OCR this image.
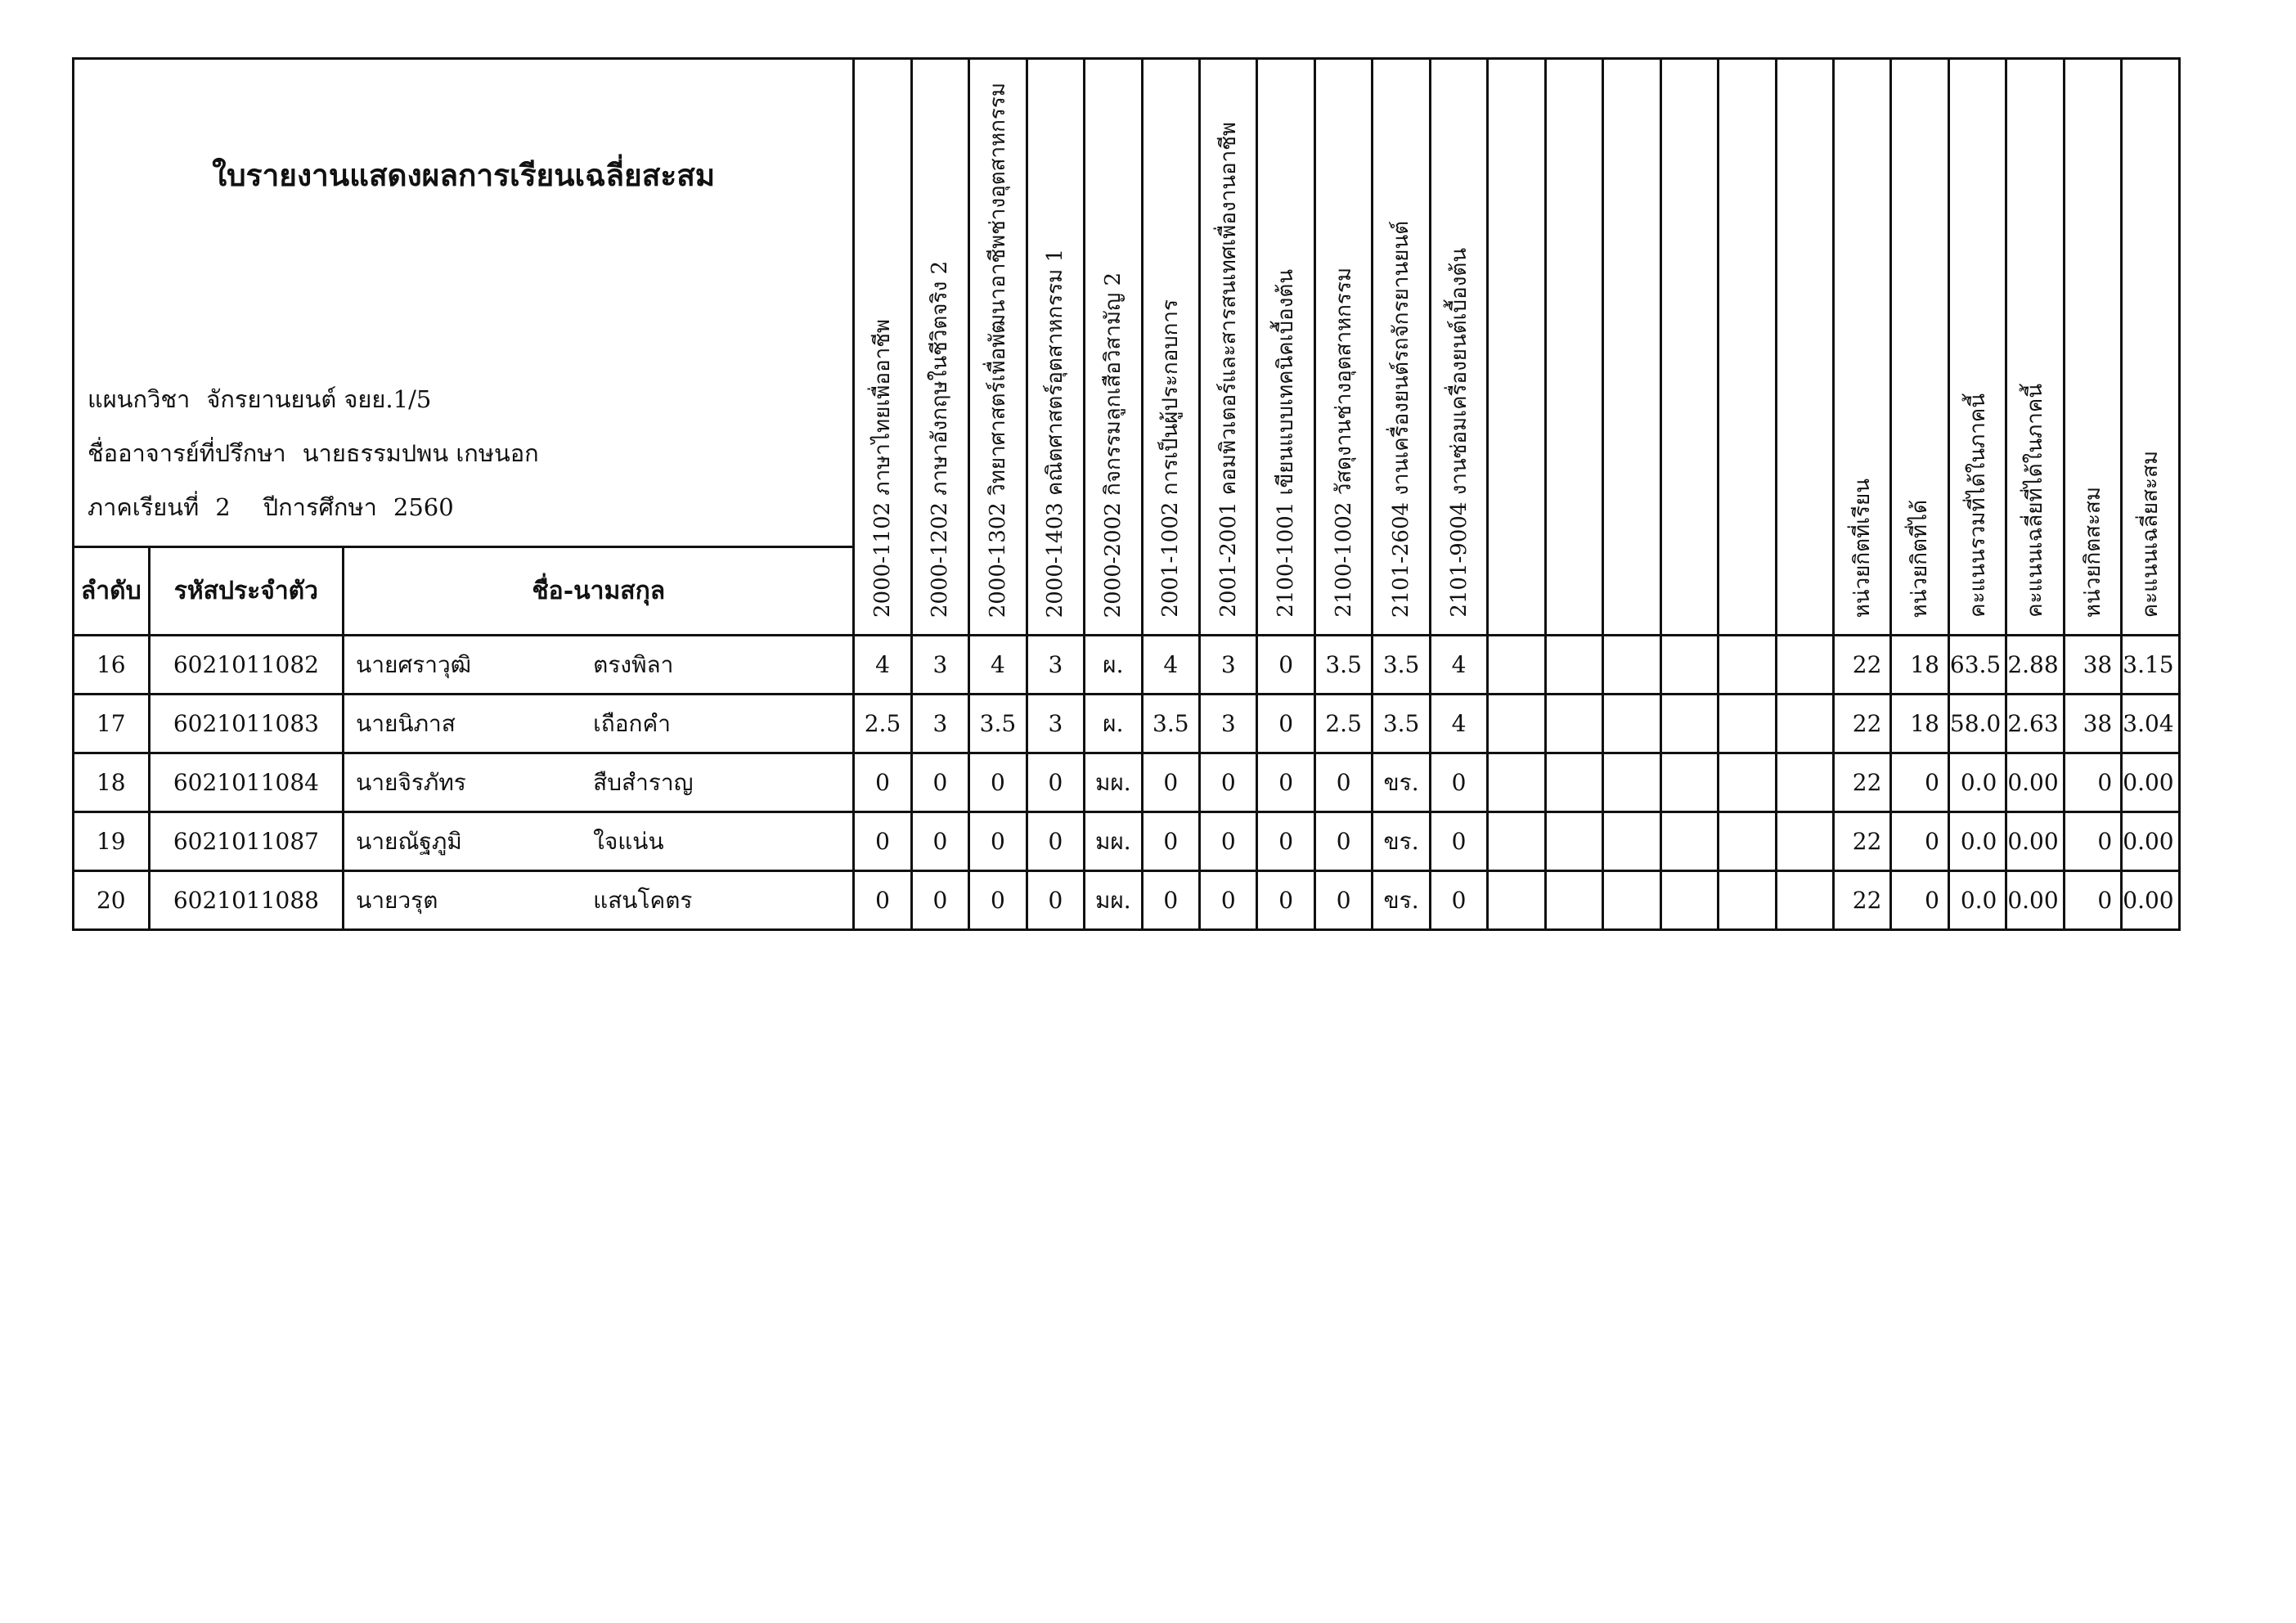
ใบรายงานแสดงผลการเรียนเฉลี่ยสะสม
แผนกวิชา จักรยานยนต์ จยย.1/5
ชื่ออาจารย์ที่ปรึกษา นายธรรมปพน เกษนอก
ภาคเรียนที่ 2 ปีการศึกษา 2560			2000-1102 ภาษาไทยเพื่ออาชีพ	2000-1202 ภาษาอังกฤษในชีวิตจริง 2	2000-1302 วิทยาศาสตร์เพื่อพัฒนาอาชีพช่างอุตสาหกรรม	2000-1403 คณิตศาสตร์อุตสาหกรรม 1	2000-2002 กิจกรรมลูกเสือวิสามัญ 2	2001-1002 การเป็นผู้ประกอบการ	2001-2001 คอมพิวเตอร์และสารสนเทศเพื่องานอาชีพ	2100-1001 เขียนแบบเทคนิคเบื้องต้น	2100-1002 วัสดุงานช่างอุตสาหกรรม	2101-2604 งานเครื่องยนต์รถจักรยานยนต์	2101-9004 งานซ่อมเครื่องยนต์เบื้องต้น							หน่วยกิตที่เรียน	หน่วยกิตที่ได้	คะแนนรวมที่ได้ในภาคนี้	คะแนนเฉลี่ยที่ได้ในภาคนี้	หน่วยกิตสะสม	คะแนนเฉลี่ยสะสม

ลำดับ	รหัสประจำตัว	ชื่อ-นามสกุล																							
16	6021011082	นายศราวุฒิ ตรงพิลา	4	3	4	3	ผ.	4	3	0	3.5	3.5	4							22	18	63.5	2.88	38	3.15
17	6021011083	นายนิภาส เถือกคำ	2.5	3	3.5	3	ผ.	3.5	3	0	2.5	3.5	4							22	18	58.0	2.63	38	3.04
18	6021011084	นายจิรภัทร สืบสำราญ	0	0	0	0	มผ.	0	0	0	0	ขร.	0							22	0	0.0	0.00	0	0.00
19	6021011087	นายณัฐภูมิ ใจแน่น	0	0	0	0	มผ.	0	0	0	0	ขร.	0							22	0	0.0	0.00	0	0.00
20	6021011088	นายวรุต แสนโคตร	0	0	0	0	มผ.	0	0	0	0	ขร.	0							22	0	0.0	0.00	0	0.00
